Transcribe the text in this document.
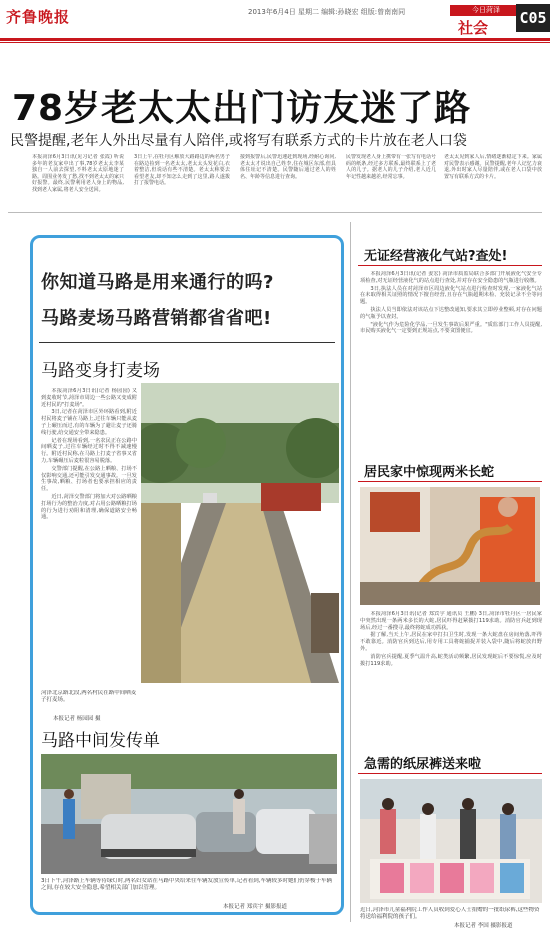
齐鲁晚报	2013年6月4日 星期二 编辑:孙晓宏 组版:曾南南同	今日菏泽
社会
C05
78岁老太太出门访友迷了路
民警提醒,老年人外出尽量有人陪伴,或将写有联系方式的卡片放在老人口袋
本报菏泽6月3日讯(见习记者 张霞) 听说多年的老友家中出了事,78岁老太太李某独自一人前去探望,不料老太太原地迷了路。周围业务发了愁,找不到老太太的家只好报警。最终,民警利用老人身上的物品,找到老人家属,将老人安全送回。
3日上午,在牡丹区解放大路路边的两名男子在路边捡到一名老太太,老太太头发花白,衣着整洁,但说话有些不清楚。老太太称要去看望老友,却不知怎么走到了这里,路人遂拨打了报警电话。
接到报警后,民警迅速赶到现场,经耐心询问,老太太才说出自己姓李,住在城区东部,但具体住址记不清楚。民警随后通过老人的姓名、年龄等信息进行查询。
民警发现老人身上携带有一张写有电话号码的纸条,经过多方联系,最终联系上了老人的儿子。据老人的儿子介绍,老人近几年记性越来越差,经常忘事。
老太太见到家人后,情绪逐渐稳定下来。家属对民警表示感谢。民警提醒,老年人记忆力衰退,外出时家人尽量陪伴,或在老人口袋中放置写有联系方式的卡片。
你知道马路是用来通行的吗?
马路麦场马路营销都省省吧!
马路变身打麦场

本报菏泽6月3日讯(记者 杨园园) 又到麦收时节,菏泽市周边一些公路又变成附近村民的"打麦场"。

3日,记者在菏泽市区外环路看到,附近村民将麦子铺在马路上,过往车辆只能从麦子上碾压而过,有的车辆为了避让麦子还骑线行驶,给交通安全带来隐患。

记者在现场看到,一名农民正在公路中间晒麦子,过往车辆经过时不得不减速慢行。附近村民称,在马路上打麦子省事又省力,车辆碾压后麦粒很容易脱落。

交警部门提醒,在公路上晒粮、打场不仅影响交通,还可能引发交通事故。一旦发生事故,晒粮、打场者也要承担相应的责任。

近日,菏泽交警部门将加大对公路晒粮打场行为的整治力度,对占用公路晒粮打场的行为进行劝阻和清理,确保道路安全畅通。

菏泽北京路北段,两名村民在路中间晒麦子打麦场。
本报记者 杨园园 摄
马路中间发传单
3日下午,菏泽路上车辆等待绿灯时,两名妇女站在马路中央给来往车辆发放宣传单,记者看到,车辆较多时她们仍穿梭于车辆之间,存在较大安全隐患,希望相关部门加以管理。
本报记者 郑宾宇 摄影报道
无证经营液化气站?查处!

本报菏泽6月3日讯(记者 姜宏) 菏泽市质监局联合多部门开展液化气安全专项检查,对无证经营液化气的站点进行查处,并对存在安全隐患的气瓶进行收缴。

3日,执法人员在对菏泽市区周边液化气站点进行检查时发现,一家液化气站在未取得相关证照的情况下擅自经营,且存在气瓶超期未检、充装记录不全等问题。

执法人员当即依法对该站点下达整改通知,要求其立即停业整顿,对存在问题的气瓶予以查封。

"液化气作为危险化学品,一旦发生事故后果严重。"质监部门工作人员提醒,市民购买液化气一定要到正规站点,不要贪图便宜。

居民家中惊现两米长蛇

本报菏泽6月3日讯(记者 郑宾宇 通讯员 王鹏) 3日,菏泽市牡丹区一居民家中突然出现一条两米多长的大蛇,居民吓得赶紧拨打119求助。消防官兵赶到现场后,经过一番搜寻,最终将蛇成功抓获。

据了解,当天上午,居民在家中打扫卫生时,发现一条大蛇盘在房间角落,吓得不敢靠近。消防官兵到达后,用专用工具将蛇捕捉并装入袋中,随后将蛇放归野外。

消防官兵提醒,夏季气温升高,蛇类活动频繁,居民发现蛇后不要惊慌,应及时拨打119求助。

急需的纸尿裤送来啦
近日,菏泽市儿童福利院工作人员收到爱心人士捐赠的一批纸尿裤,这些物资将送给福利院的孩子们。
本报记者 李国 摄影报道
